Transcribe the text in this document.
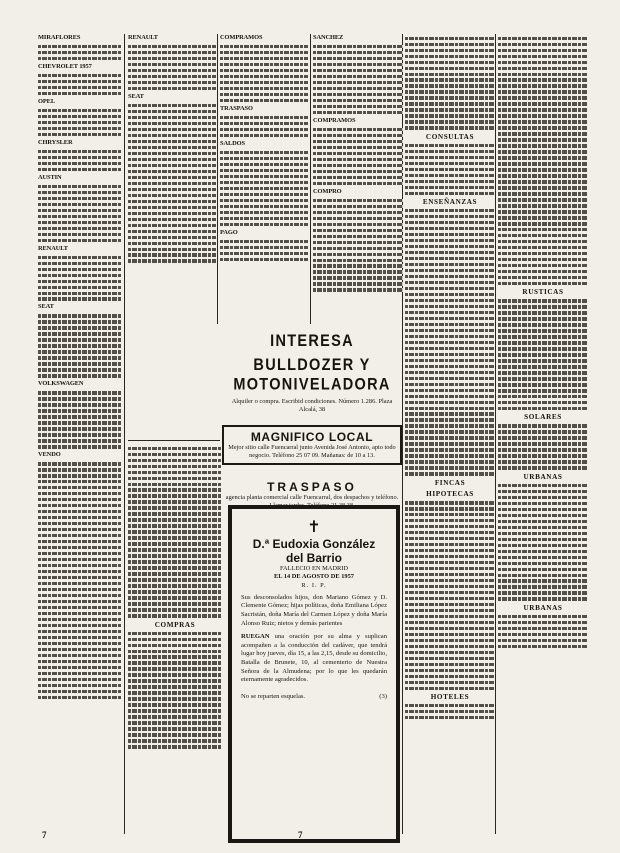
MIRAFLORES
CHEVROLET 1957
OPEL
CHRYSLER
AUSTIN
RENAULT
SEAT
VOLKSWAGEN
VENDO
RENAULT
SEAT
COMPRAMOS
TRASPASO
SALDOS
PAGO
SANCHEZ
COMPRAMOS
COMPRO
CONSULTAS
ENSEÑANZAS
FINCAS
HIPOTECAS
HOTELES
RUSTICAS
SOLARES
URBANAS
URBANAS
COMPRAS
INTERESA BULLDOZER Y
MOTONIVELADORA
Alquiler o compra. Escribid condiciones. Número 1.286. Plaza Alcalá, 38
MAGNIFICO LOCAL
Mejor sitio calle Fuencarral junto Avenida José Antonio, apto todo negocio. Teléfono 25 07 09. Mañanas: de 10 a 13.
TRASPASO
agencia planta comercial calle Fuencarral, dos despachos y teléfono.
✝
D.ª Eudoxia González
del Barrio
FALLECIO EN MADRID
EL 14 DE AGOSTO DE 1957
R. I. P.
Sus desconsolados hijos, don Mariano Gómez y D. Clemente Gómez; hijas políticas, doña Emiliana López Sacristán, doña María del Carmen López y doña María Alonso Ruiz; nietos y demás parientes
RUEGAN una oración por su alma y suplican acompañen a la conducción del cadáver, que tendrá lugar hoy jueves, día 15, a las 2,15, desde su domicilio, Batalla de Brunete, 10, al cementerio de Nuestra Señora de la Almudena; por lo que les quedarán eternamente agradecidos.
No se reparten esquelas.	(3)
7	7
